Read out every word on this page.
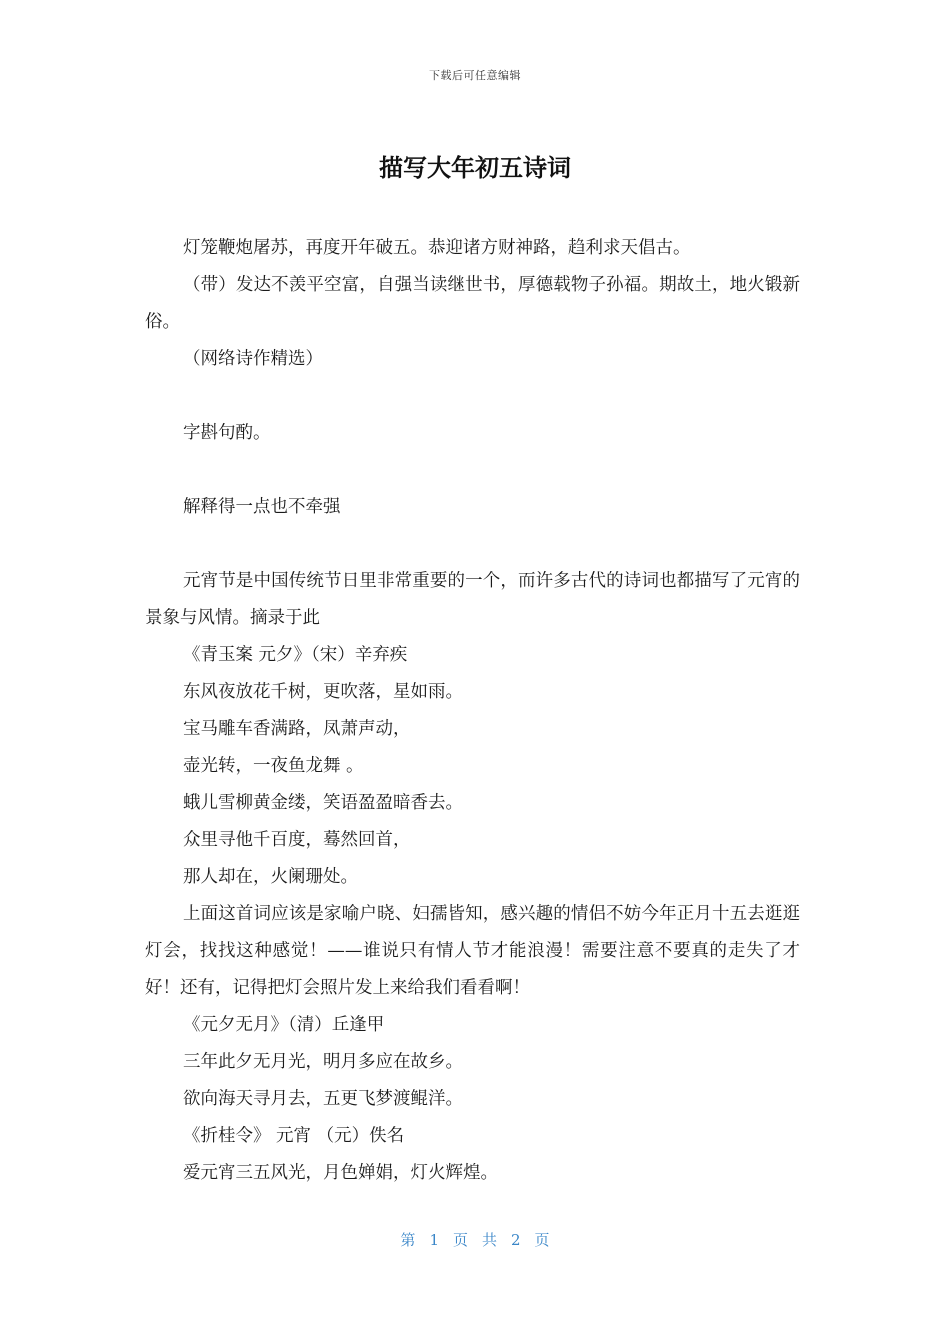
下载后可任意编辑
描写大年初五诗词

灯笼鞭炮屠苏，再度开年破五。恭迎诸方财神路，趋利求天倡古。

（带）发达不羡平空富，自强当读继世书，厚德载物子孙福。期故土，地火锻新俗。

（网络诗作精选）

字斟句酌。

解释得一点也不牵强

元宵节是中国传统节日里非常重要的一个，而许多古代的诗词也都描写了元宵的景象与风情。摘录于此

《青玉案 元夕》（宋）辛弃疾

东风夜放花千树，更吹落，星如雨。

宝马雕车香满路，凤萧声动，

壶光转，一夜鱼龙舞 。

蛾儿雪柳黄金缕，笑语盈盈暗香去。

众里寻他千百度，蓦然回首，

那人却在，火阑珊处。

上面这首词应该是家喻户晓、妇孺皆知，感兴趣的情侣不妨今年正月十五去逛逛灯会，找找这种感觉！——谁说只有情人节才能浪漫！需要注意不要真的走失了才好！还有，记得把灯会照片发上来给我们看看啊！

《元夕无月》（清）丘逢甲

三年此夕无月光，明月多应在故乡。

欲向海天寻月去，五更飞梦渡鲲洋。

《折桂令》 元宵 （元）佚名

爱元宵三五风光，月色婵娟，灯火辉煌。

第 1 页共2 页
